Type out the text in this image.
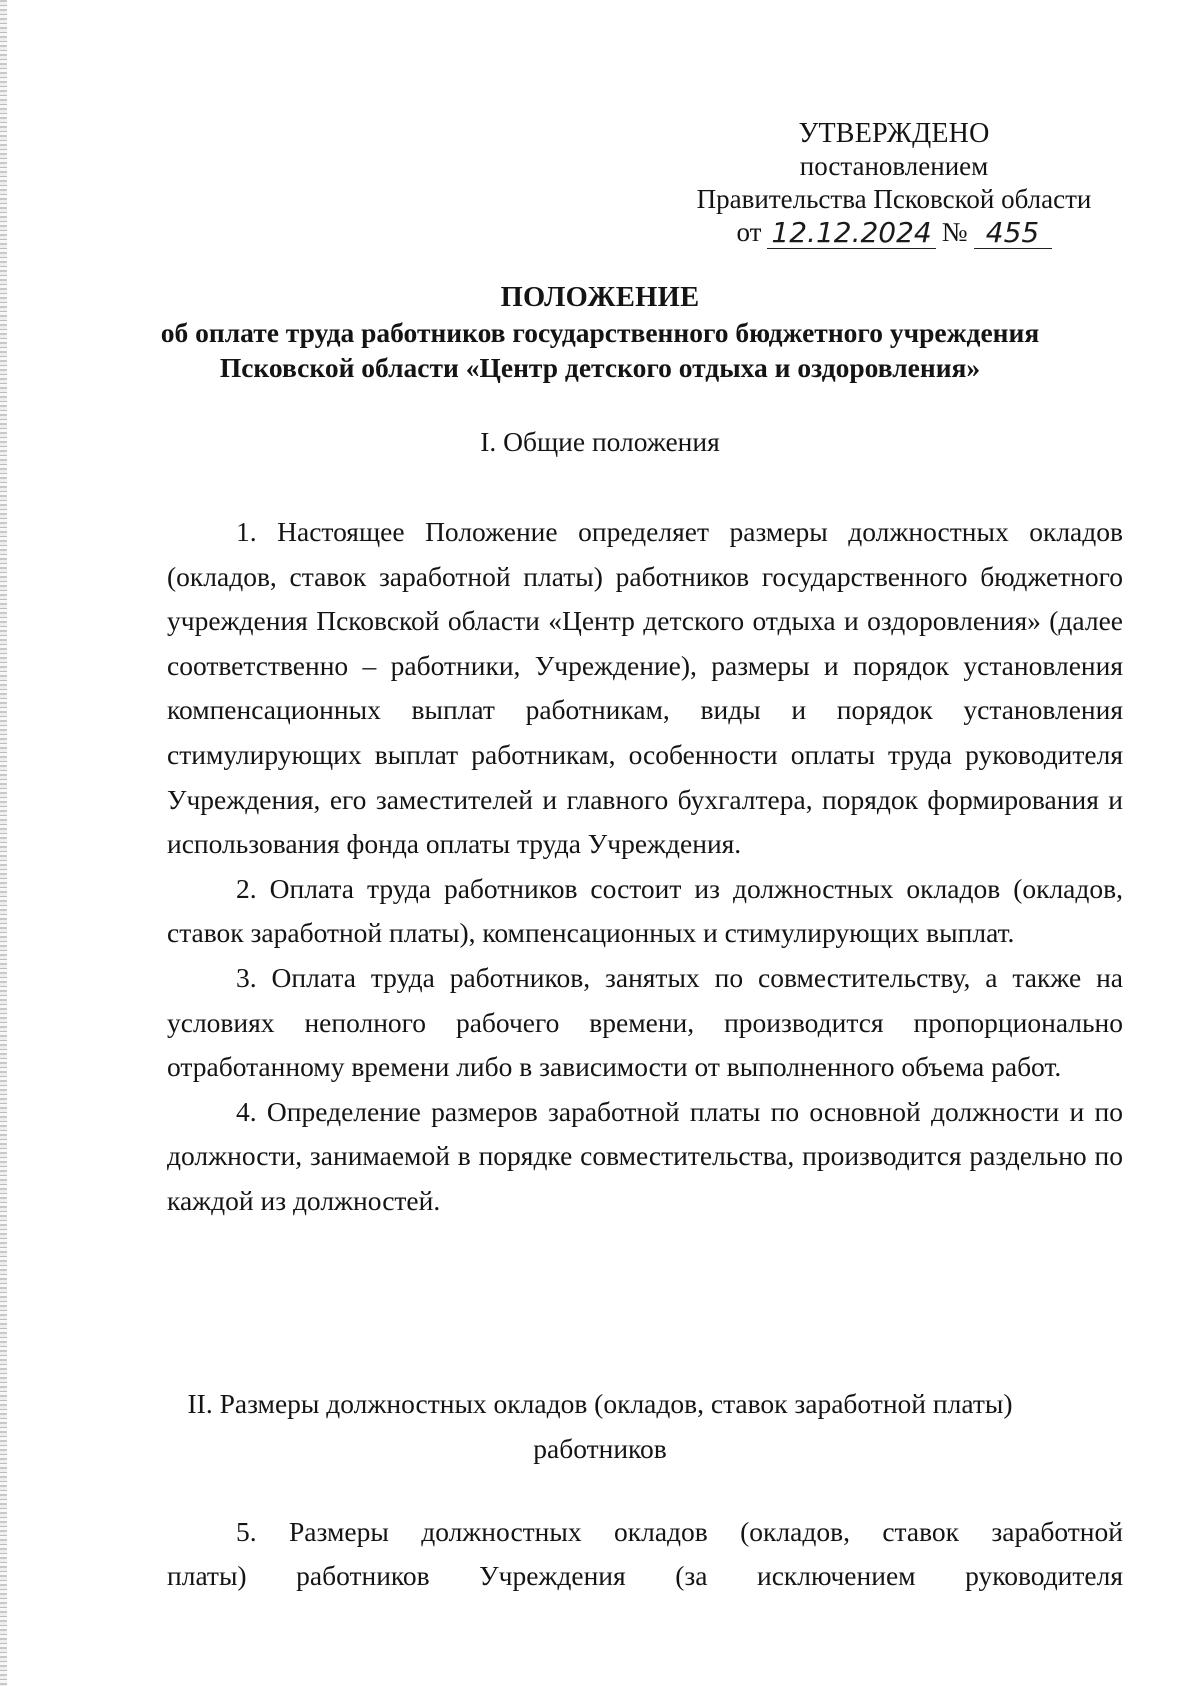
УТВЕРЖДЕНО
постановлением
Правительства Псковской области
от 12.12.2024 № 455
ПОЛОЖЕНИЕ
об оплате труда работников государственного бюджетного учреждения
Псковской области «Центр детского отдыха и оздоровления»
I. Общие положения

1. Настоящее Положение определяет размеры должностных окладов (окладов, ставок заработной платы) работников государственного бюджетного учреждения Псковской области «Центр детского отдыха и оздоровления» (далее соответственно – работники, Учреждение), размеры и порядок установления компенсационных выплат работникам, виды и порядок установления стимулирующих выплат работникам, особенности оплаты труда руководителя Учреждения, его заместителей и главного бухгалтера, порядок формирования и использования фонда оплаты труда Учреждения.

2. Оплата труда работников состоит из должностных окладов (окладов, ставок заработной платы), компенсационных и стимулирующих выплат.

3. Оплата труда работников, занятых по совместительству, а также на условиях неполного рабочего времени, производится пропорционально отработанному времени либо в зависимости от выполненного объема работ.

4. Определение размеров заработной платы по основной должности и по должности, занимаемой в порядке совместительства, производится раздельно по каждой из должностей.

II. Размеры должностных окладов (окладов, ставок заработной платы)
работников
5. Размеры должностных окладов (окладов, ставок заработной
платы) работников Учреждения (за исключением руководителя
